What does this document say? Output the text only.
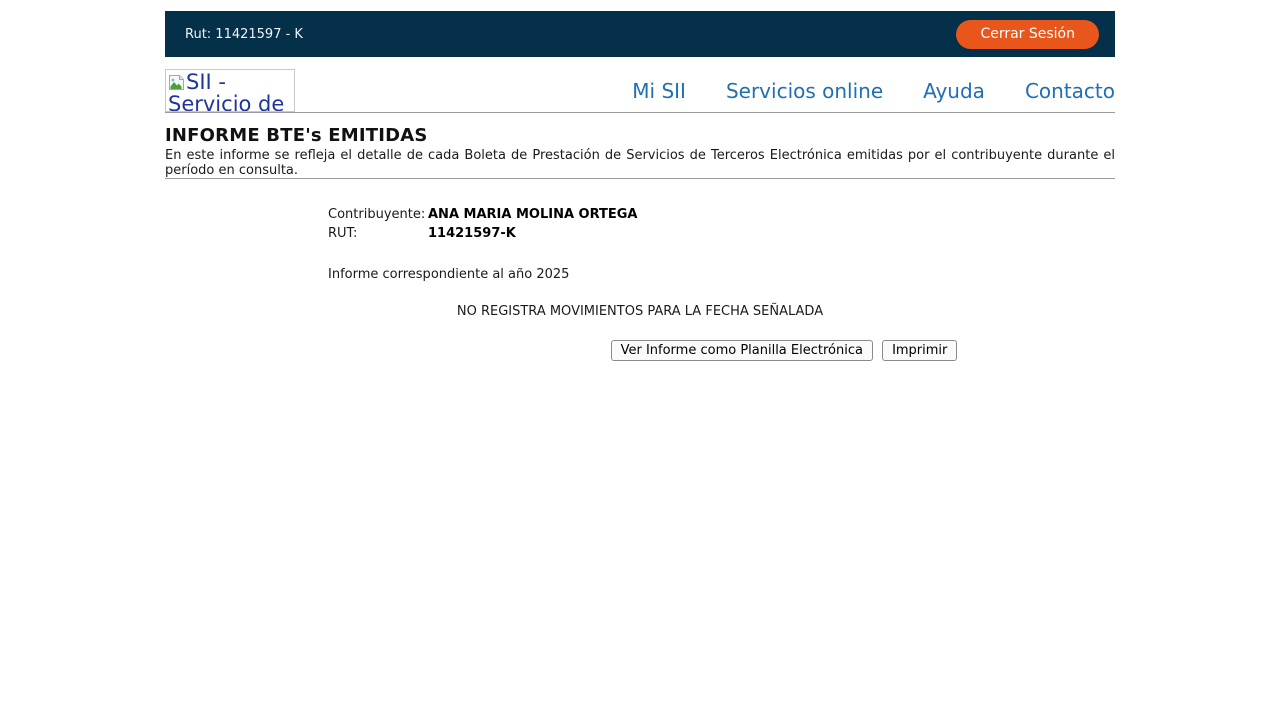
Rut: 11421597 - K	Cerrar Sesión
SII - Servicio de
Mi SII Servicios online Ayuda Contacto
INFORME BTE's EMITIDAS

En este informe se refleja el detalle de cada Boleta de Prestación de Servicios de Terceros Electrónica emitidas por el contribuyente durante el período en consulta.

Contribuyente: ANA MARIA MOLINA ORTEGA
RUT:	11421597-K
Informe correspondiente al año 2025
NO REGISTRA MOVIMIENTOS PARA LA FECHA SEÑALADA
Ver Informe como Planilla Electrónica Imprimir
